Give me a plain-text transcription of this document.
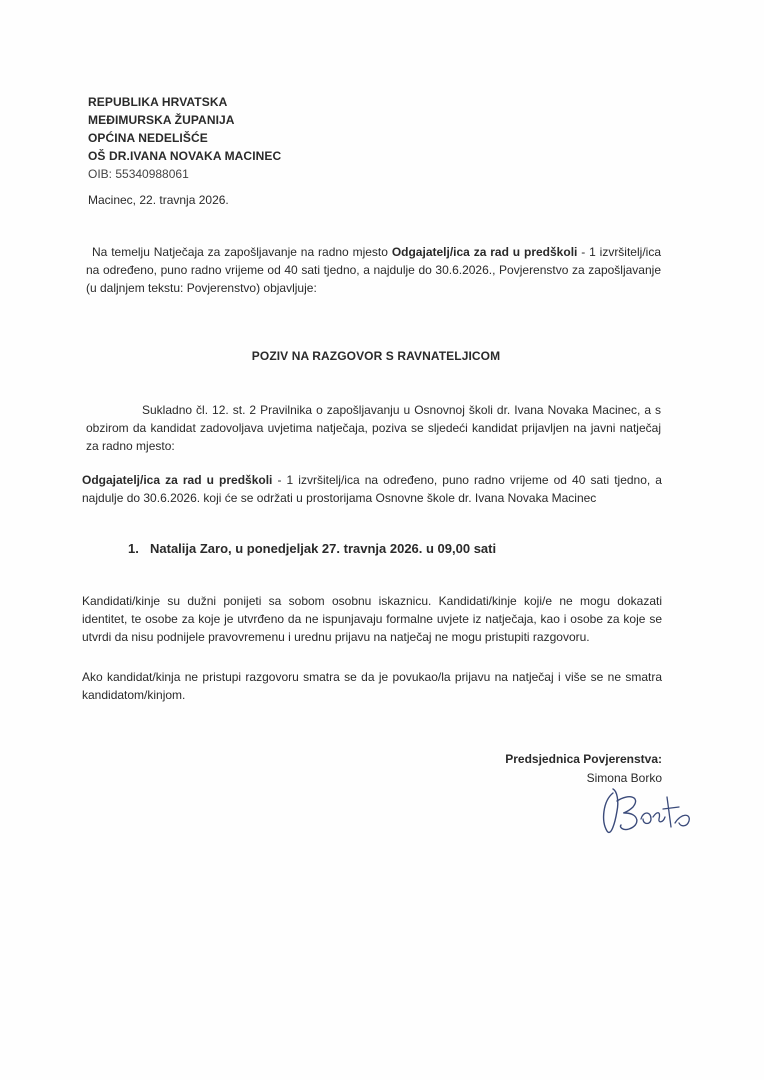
REPUBLIKA HRVATSKA
MEĐIMURSKA ŽUPANIJA
OPĆINA NEDELIŠĆE
OŠ DR.IVANA NOVAKA MACINEC
OIB: 55340988061
Macinec, 22. travnja 2026.
Na temelju Natječaja za zapošljavanje na radno mjesto Odgajatelj/ica za rad u predškoli - 1 izvršitelj/ica na određeno, puno radno vrijeme od 40 sati tjedno, a najdulje do 30.6.2026., Povjerenstvo za zapošljavanje (u daljnjem tekstu: Povjerenstvo) objavljuje:
POZIV NA RAZGOVOR S RAVNATELJICOM
Sukladno čl. 12. st. 2 Pravilnika o zapošljavanju u Osnovnoj školi dr. Ivana Novaka Macinec, a s obzirom da kandidat zadovoljava uvjetima natječaja, poziva se sljedeći kandidat prijavljen na javni natječaj za radno mjesto:
Odgajatelj/ica za rad u predškoli - 1 izvršitelj/ica na određeno, puno radno vrijeme od 40 sati tjedno, a najdulje do 30.6.2026. koji će se održati u prostorijama Osnovne škole dr. Ivana Novaka Macinec
1. Natalija Zaro, u ponedjeljak 27. travnja 2026. u 09,00 sati
Kandidati/kinje su dužni ponijeti sa sobom osobnu iskaznicu. Kandidati/kinje koji/e ne mogu dokazati identitet, te osobe za koje je utvrđeno da ne ispunjavaju formalne uvjete iz natječaja, kao i osobe za koje se utvrdi da nisu podnijele pravovremenu i urednu prijavu na natječaj ne mogu pristupiti razgovoru.
Ako kandidat/kinja ne pristupi razgovoru smatra se da je povukao/la prijavu na natječaj i više se ne smatra kandidatom/kinjom.
Predsjednica Povjerenstva:
Simona Borko
